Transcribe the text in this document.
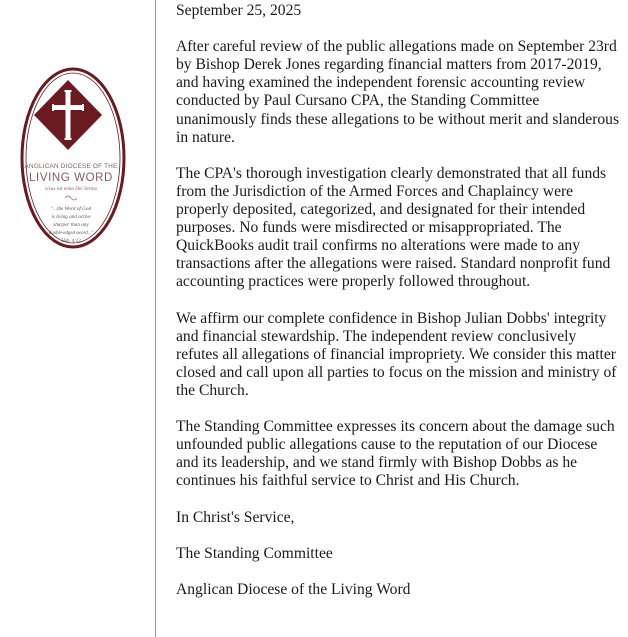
ANGLICAN DIOCESE OF THE
LIVING WORD
vivus est enim Dei Sermo
"...the Word of God
is living and active
sharper than any
double-edged sword..."
Heb. 4:12

September 25, 2025

After careful review of the public allegations made on September 23rd by Bishop Derek Jones regarding financial matters from 2017-2019, and having examined the independent forensic accounting review conducted by Paul Cursano CPA, the Standing Committee unanimously finds these allegations to be without merit and slanderous in nature.

The CPA's thorough investigation clearly demonstrated that all funds from the Jurisdiction of the Armed Forces and Chaplaincy were properly deposited, categorized, and designated for their intended purposes. No funds were misdirected or misappropriated. The QuickBooks audit trail confirms no alterations were made to any transactions after the allegations were raised. Standard nonprofit fund accounting practices were properly followed throughout.

We affirm our complete confidence in Bishop Julian Dobbs' integrity and financial stewardship. The independent review conclusively refutes all allegations of financial impropriety. We consider this matter closed and call upon all parties to focus on the mission and ministry of the Church.

The Standing Committee expresses its concern about the damage such unfounded public allegations cause to the reputation of our Diocese and its leadership, and we stand firmly with Bishop Dobbs as he continues his faithful service to Christ and His Church.

In Christ's Service,

The Standing Committee

Anglican Diocese of the Living Word
